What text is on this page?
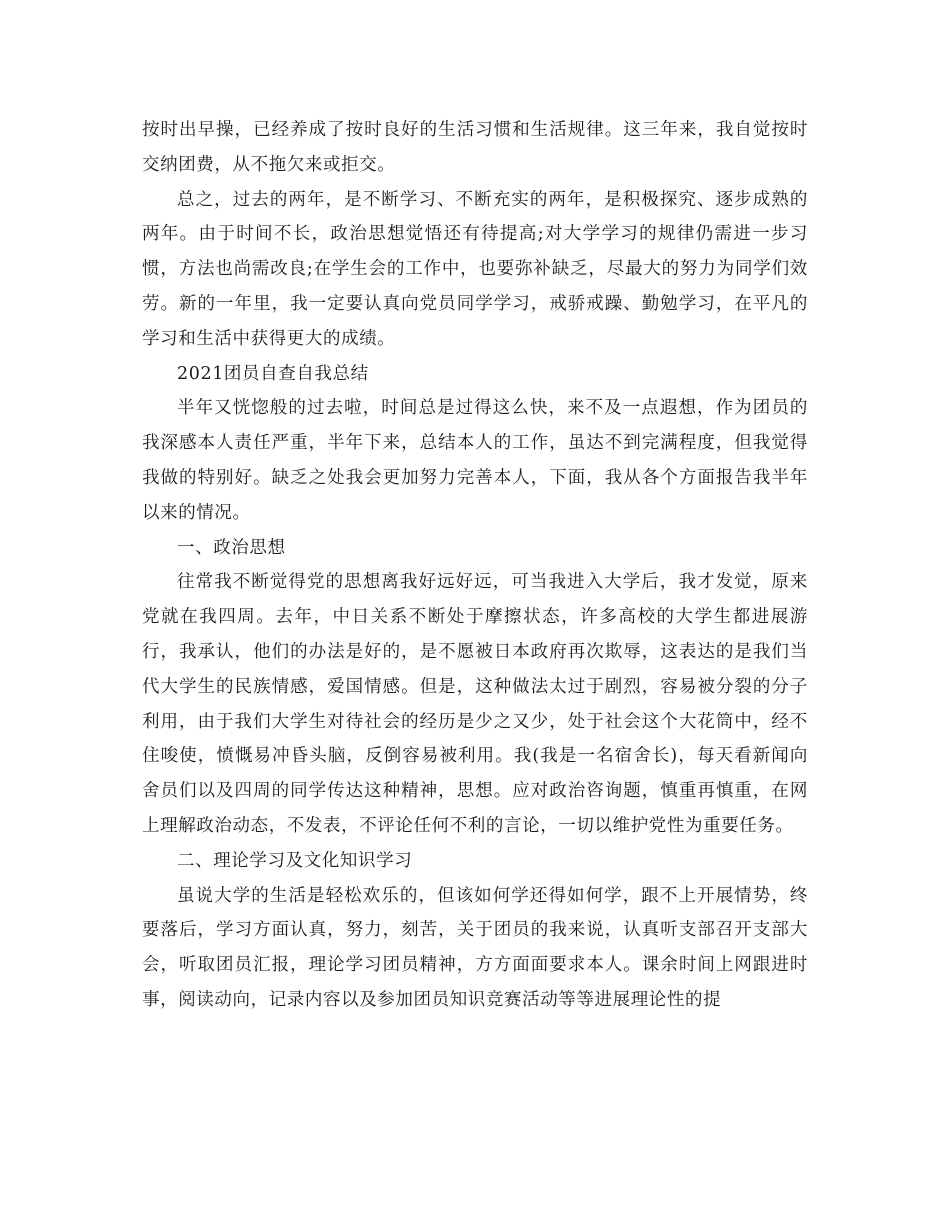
按时出早操，已经养成了按时良好的生活习惯和生活规律。这三年来，我自觉按时交纳团费，从不拖欠来或拒交。

总之，过去的两年，是不断学习、不断充实的两年，是积极探究、逐步成熟的两年。由于时间不长，政治思想觉悟还有待提高;对大学学习的规律仍需进一步习惯，方法也尚需改良;在学生会的工作中，也要弥补缺乏，尽最大的努力为同学们效劳。新的一年里，我一定要认真向党员同学学习，戒骄戒躁、勤勉学习，在平凡的学习和生活中获得更大的成绩。

2021团员自查自我总结

半年又恍惚般的过去啦，时间总是过得这么快，来不及一点遐想，作为团员的我深感本人责任严重，半年下来，总结本人的工作，虽达不到完满程度，但我觉得我做的特别好。缺乏之处我会更加努力完善本人，下面，我从各个方面报告我半年以来的情况。

一、政治思想

往常我不断觉得党的思想离我好远好远，可当我进入大学后，我才发觉，原来党就在我四周。去年，中日关系不断处于摩擦状态，许多高校的大学生都进展游行，我承认，他们的办法是好的，是不愿被日本政府再次欺辱，这表达的是我们当代大学生的民族情感，爱国情感。但是，这种做法太过于剧烈，容易被分裂的分子利用，由于我们大学生对待社会的经历是少之又少，处于社会这个大花筒中，经不住唆使，愤慨易冲昏头脑，反倒容易被利用。我(我是一名宿舍长)，每天看新闻向舍员们以及四周的同学传达这种精神，思想。应对政治咨询题，慎重再慎重，在网上理解政治动态，不发表，不评论任何不利的言论，一切以维护党性为重要任务。

二、理论学习及文化知识学习

虽说大学的生活是轻松欢乐的，但该如何学还得如何学，跟不上开展情势，终要落后，学习方面认真，努力，刻苦，关于团员的我来说，认真听支部召开支部大会，听取团员汇报，理论学习团员精神，方方面面要求本人。课余时间上网跟进时事，阅读动向，记录内容以及参加团员知识竞赛活动等等进展理论性的提
